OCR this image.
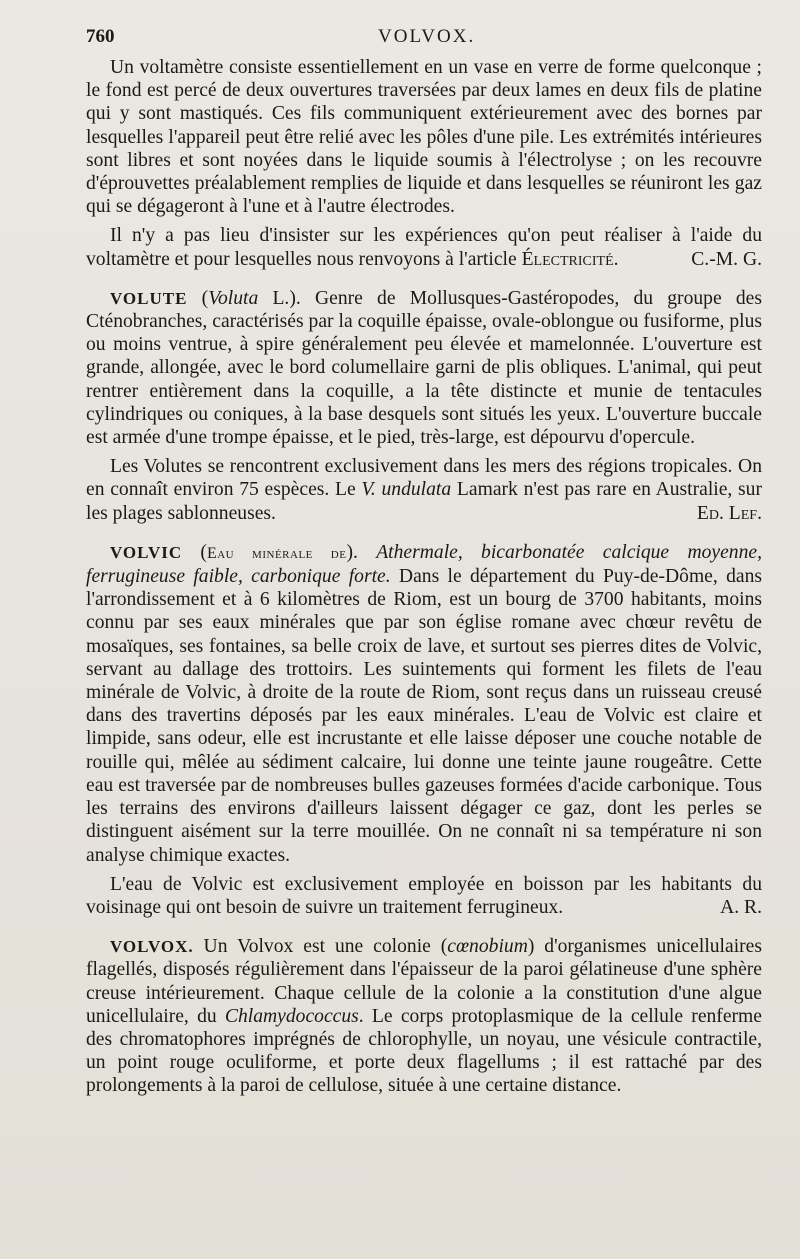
760	VOLVOX.

Un voltamètre consiste essentiellement en un vase en verre de forme quelconque ; le fond est percé de deux ouvertures traversées par deux lames en deux fils de platine qui y sont mastiqués. Ces fils communiquent extérieurement avec des bornes par lesquelles l'appareil peut être relié avec les pôles d'une pile. Les extrémités intérieures sont libres et sont noyées dans le liquide soumis à l'électrolyse ; on les recouvre d'éprouvettes préalablement remplies de liquide et dans lesquelles se réuniront les gaz qui se dégageront à l'une et à l'autre électrodes.

Il n'y a pas lieu d'insister sur les expériences qu'on peut réaliser à l'aide du voltamètre et pour lesquelles nous renvoyons à l'article Électricité.	C.-M. G.

VOLUTE (Voluta L.). Genre de Mollusques-Gastéropodes, du groupe des Cténobranches, caractérisés par la coquille épaisse, ovale-oblongue ou fusiforme, plus ou moins ventrue, à spire généralement peu élevée et mamelonnée. L'ouverture est grande, allongée, avec le bord columellaire garni de plis obliques. L'animal, qui peut rentrer entièrement dans la coquille, a la tête distincte et munie de tentacules cylindriques ou coniques, à la base desquels sont situés les yeux. L'ouverture buccale est armée d'une trompe épaisse, et le pied, très-large, est dépourvu d'opercule.

Les Volutes se rencontrent exclusivement dans les mers des régions tropicales. On en connaît environ 75 espèces. Le V. undulata Lamark n'est pas rare en Australie, sur les plages sablonneuses.	Ed. Lef.

VOLVIC (Eau minérale de). Athermale, bicarbonatée calcique moyenne, ferrugineuse faible, carbonique forte. Dans le département du Puy-de-Dôme, dans l'arrondissement et à 6 kilomètres de Riom, est un bourg de 3700 habitants, moins connu par ses eaux minérales que par son église romane avec chœur revêtu de mosaïques, ses fontaines, sa belle croix de lave, et surtout ses pierres dites de Volvic, servant au dallage des trottoirs. Les suintements qui forment les filets de l'eau minérale de Volvic, à droite de la route de Riom, sont reçus dans un ruisseau creusé dans des travertins déposés par les eaux minérales. L'eau de Volvic est claire et limpide, sans odeur, elle est incrustante et elle laisse déposer une couche notable de rouille qui, mêlée au sédiment calcaire, lui donne une teinte jaune rougeâtre. Cette eau est traversée par de nombreuses bulles gazeuses formées d'acide carbonique. Tous les terrains des environs d'ailleurs laissent dégager ce gaz, dont les perles se distinguent aisément sur la terre mouillée. On ne connaît ni sa température ni son analyse chimique exactes.

L'eau de Volvic est exclusivement employée en boisson par les habitants du voisinage qui ont besoin de suivre un traitement ferrugineux.	A. R.

VOLVOX. Un Volvox est une colonie (cœnobium) d'organismes unicellulaires flagellés, disposés régulièrement dans l'épaisseur de la paroi gélatineuse d'une sphère creuse intérieurement. Chaque cellule de la colonie a la constitution d'une algue unicellulaire, du Chlamydococcus. Le corps protoplasmique de la cellule renferme des chromatophores imprégnés de chlorophylle, un noyau, une vésicule contractile, un point rouge oculiforme, et porte deux flagellums ; il est rattaché par des prolongements à la paroi de cellulose, située à une certaine distance.
